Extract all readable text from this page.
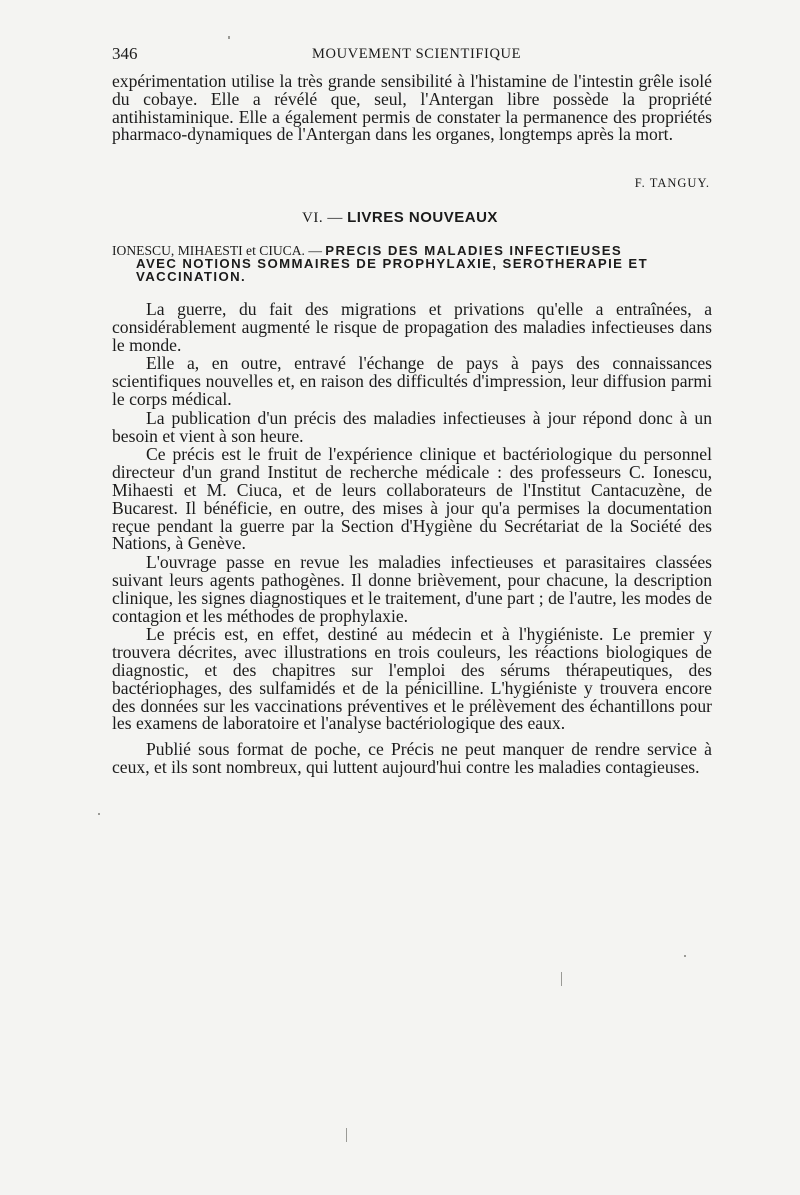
346	MOUVEMENT SCIENTIFIQUE

expérimentation utilise la très grande sensibilité à l'histamine de l'intestin grêle isolé du cobaye. Elle a révélé que, seul, l'Antergan libre possède la propriété antihistaminique. Elle a également permis de constater la permanence des propriétés pharmaco-dynamiques de l'Antergan dans les organes, longtemps après la mort.

F. TANGUY.
VI. — LIVRES NOUVEAUX
IONESCU, MIHAESTI et CIUCA. — PRECIS DES MALADIES INFECTIEUSES
AVEC NOTIONS SOMMAIRES DE PROPHYLAXIE, SEROTHERAPIE ET
VACCINATION.

La guerre, du fait des migrations et privations qu'elle a entraînées, a considérablement augmenté le risque de propagation des maladies infectieuses dans le monde.

Elle a, en outre, entravé l'échange de pays à pays des connaissances scientifiques nouvelles et, en raison des difficultés d'impression, leur diffusion parmi le corps médical.

La publication d'un précis des maladies infectieuses à jour répond donc à un besoin et vient à son heure.

Ce précis est le fruit de l'expérience clinique et bactériologique du personnel directeur d'un grand Institut de recherche médicale : des professeurs C. Ionescu, Mihaesti et M. Ciuca, et de leurs collaborateurs de l'Institut Cantacuzène, de Bucarest. Il bénéficie, en outre, des mises à jour qu'a permises la documentation reçue pendant la guerre par la Section d'Hygiène du Secrétariat de la Société des Nations, à Genève.

L'ouvrage passe en revue les maladies infectieuses et parasitaires classées suivant leurs agents pathogènes. Il donne brièvement, pour chacune, la description clinique, les signes diagnostiques et le traitement, d'une part ; de l'autre, les modes de contagion et les méthodes de prophylaxie.

Le précis est, en effet, destiné au médecin et à l'hygiéniste. Le premier y trouvera décrites, avec illustrations en trois couleurs, les réactions biologiques de diagnostic, et des chapitres sur l'emploi des sérums thérapeutiques, des bactériophages, des sulfamidés et de la pénicilline. L'hygiéniste y trouvera encore des données sur les vaccinations préventives et le prélèvement des échantillons pour les examens de laboratoire et l'analyse bactériologique des eaux.

Publié sous format de poche, ce Précis ne peut manquer de rendre service à ceux, et ils sont nombreux, qui luttent aujourd'hui contre les maladies contagieuses.
